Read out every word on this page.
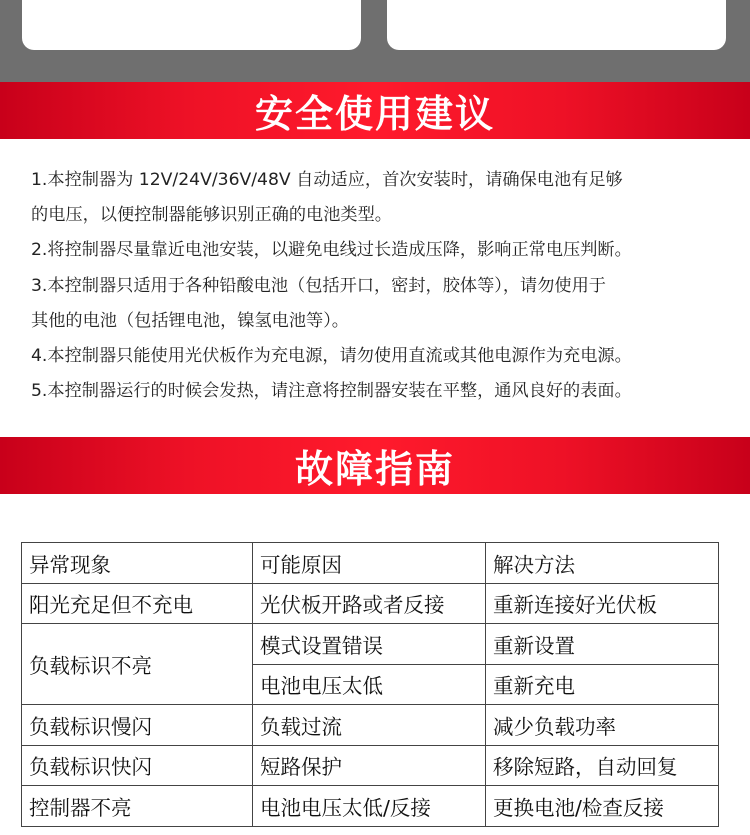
安全使用建议

1.本控制器为 12V/24V/36V/48V 自动适应，首次安装时，请确保电池有足够

的电压，以便控制器能够识别正确的电池类型。

2.将控制器尽量靠近电池安装，以避免电线过长造成压降，影响正常电压判断。

3.本控制器只适用于各种铅酸电池（包括开口，密封，胶体等），请勿使用于

其他的电池（包括锂电池，镍氢电池等）。

4.本控制器只能使用光伏板作为充电源，请勿使用直流或其他电源作为充电源。

5.本控制器运行的时候会发热，请注意将控制器安装在平整，通风良好的表面。

故障指南
异常现象	可能原因	解决方法
阳光充足但不充电	光伏板开路或者反接	重新连接好光伏板
负载标识不亮	模式设置错误	重新设置
	电池电压太低	重新充电
负载标识慢闪	负载过流	减少负载功率
负载标识快闪	短路保护	移除短路，自动回复
控制器不亮	电池电压太低/反接	更换电池/检查反接
